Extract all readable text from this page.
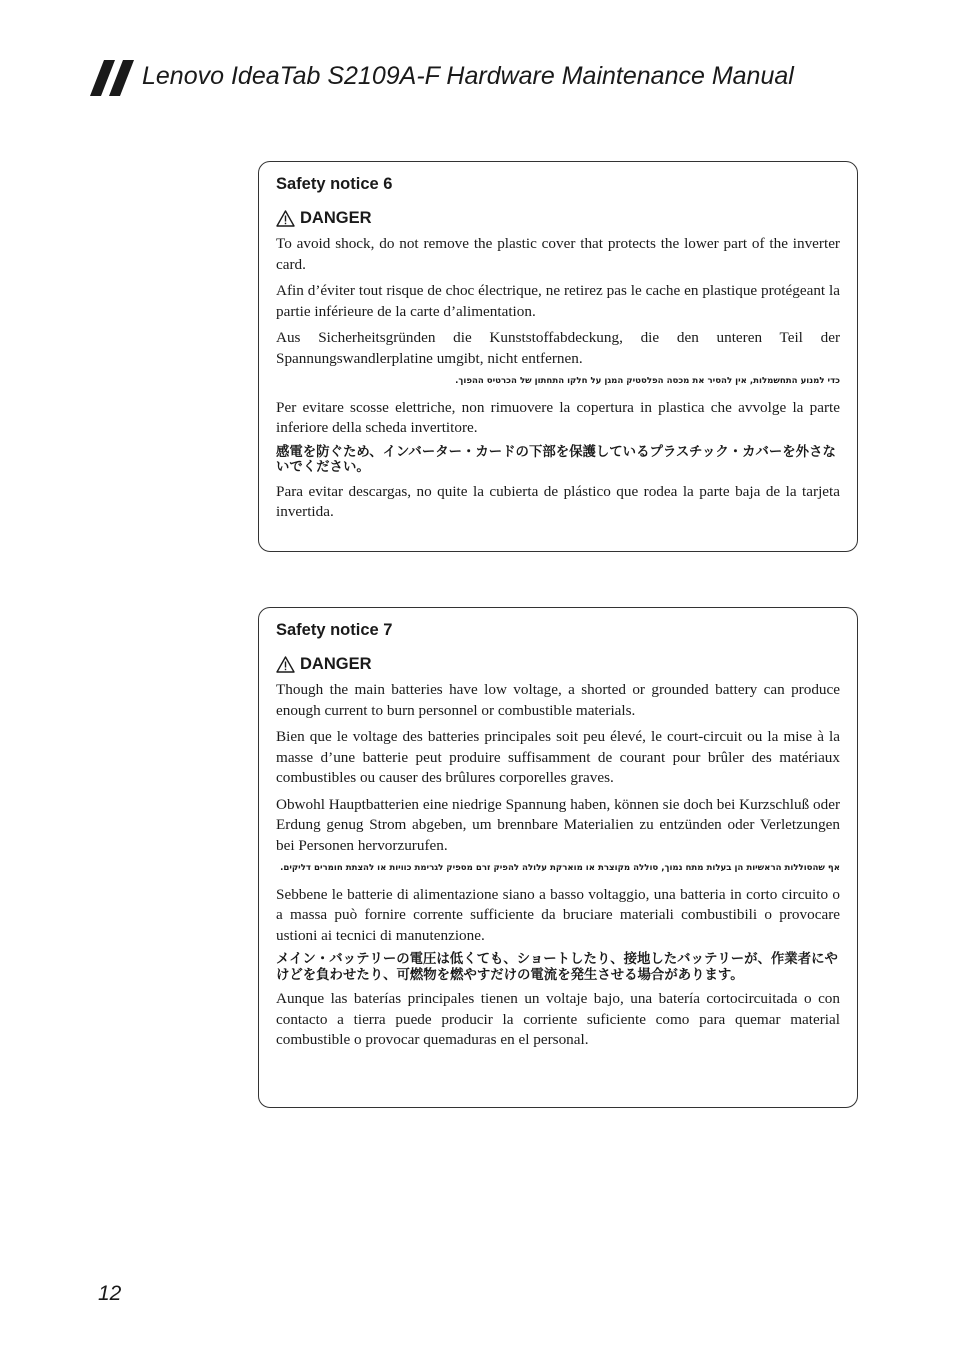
Lenovo IdeaTab S2109A-F Hardware Maintenance Manual
Safety notice 6
DANGER

To avoid shock, do not remove the plastic cover that protects the lower part of the inverter card.

Afin d’éviter tout risque de choc électrique, ne retirez pas le cache en plastique protégeant la partie inférieure de la carte d’alimentation.

Aus Sicherheitsgründen die Kunststoffabdeckung, die den unteren Teil der Spannungswandlerplatine umgibt, nicht entfernen.

כדי למנוע התחשמלות, אין להסיר את מכסה הפלסטיק המגן על חלקו התחתון של הכרטיס ההפוך.

Per evitare scosse elettriche, non rimuovere la copertura in plastica che avvolge la parte inferiore della scheda invertitore.

感電を防ぐため、インバーター・カードの下部を保護しているプラスチック・カバーを外さないでください。

Para evitar descargas, no quite la cubierta de plástico que rodea la parte baja de la tarjeta invertida.

Safety notice 7
DANGER

Though the main batteries have low voltage, a shorted or grounded battery can produce enough current to burn personnel or combustible materials.

Bien que le voltage des batteries principales soit peu élevé, le court-circuit ou la mise à la masse d’une batterie peut produire suffisamment de courant pour brûler des matériaux combustibles ou causer des brûlures corporelles graves.

Obwohl Hauptbatterien eine niedrige Spannung haben, können sie doch bei Kurzschluß oder Erdung genug Strom abgeben, um brennbare Materialien zu entzünden oder Verletzungen bei Personen hervorzurufen.

אף שהסוללות הראשיות הן בעלות מתח נמוך, סוללה מקוצרת או מוארקת עלולה להפיק זרם מספיק לגרימת כוויות או להצתת חומרים דליקים.

Sebbene le batterie di alimentazione siano a basso voltaggio, una batteria in corto circuito o a massa può fornire corrente sufficiente da bruciare materiali combustibili o provocare ustioni ai tecnici di manutenzione.

メイン・バッテリーの電圧は低くても、ショートしたり、接地したバッテリーが、作業者にやけどを負わせたり、可燃物を燃やすだけの電流を発生させる場合があります。

Aunque las baterías principales tienen un voltaje bajo, una batería cortocircuitada o con contacto a tierra puede producir la corriente suficiente como para quemar material combustible o provocar quemaduras en el personal.

12
